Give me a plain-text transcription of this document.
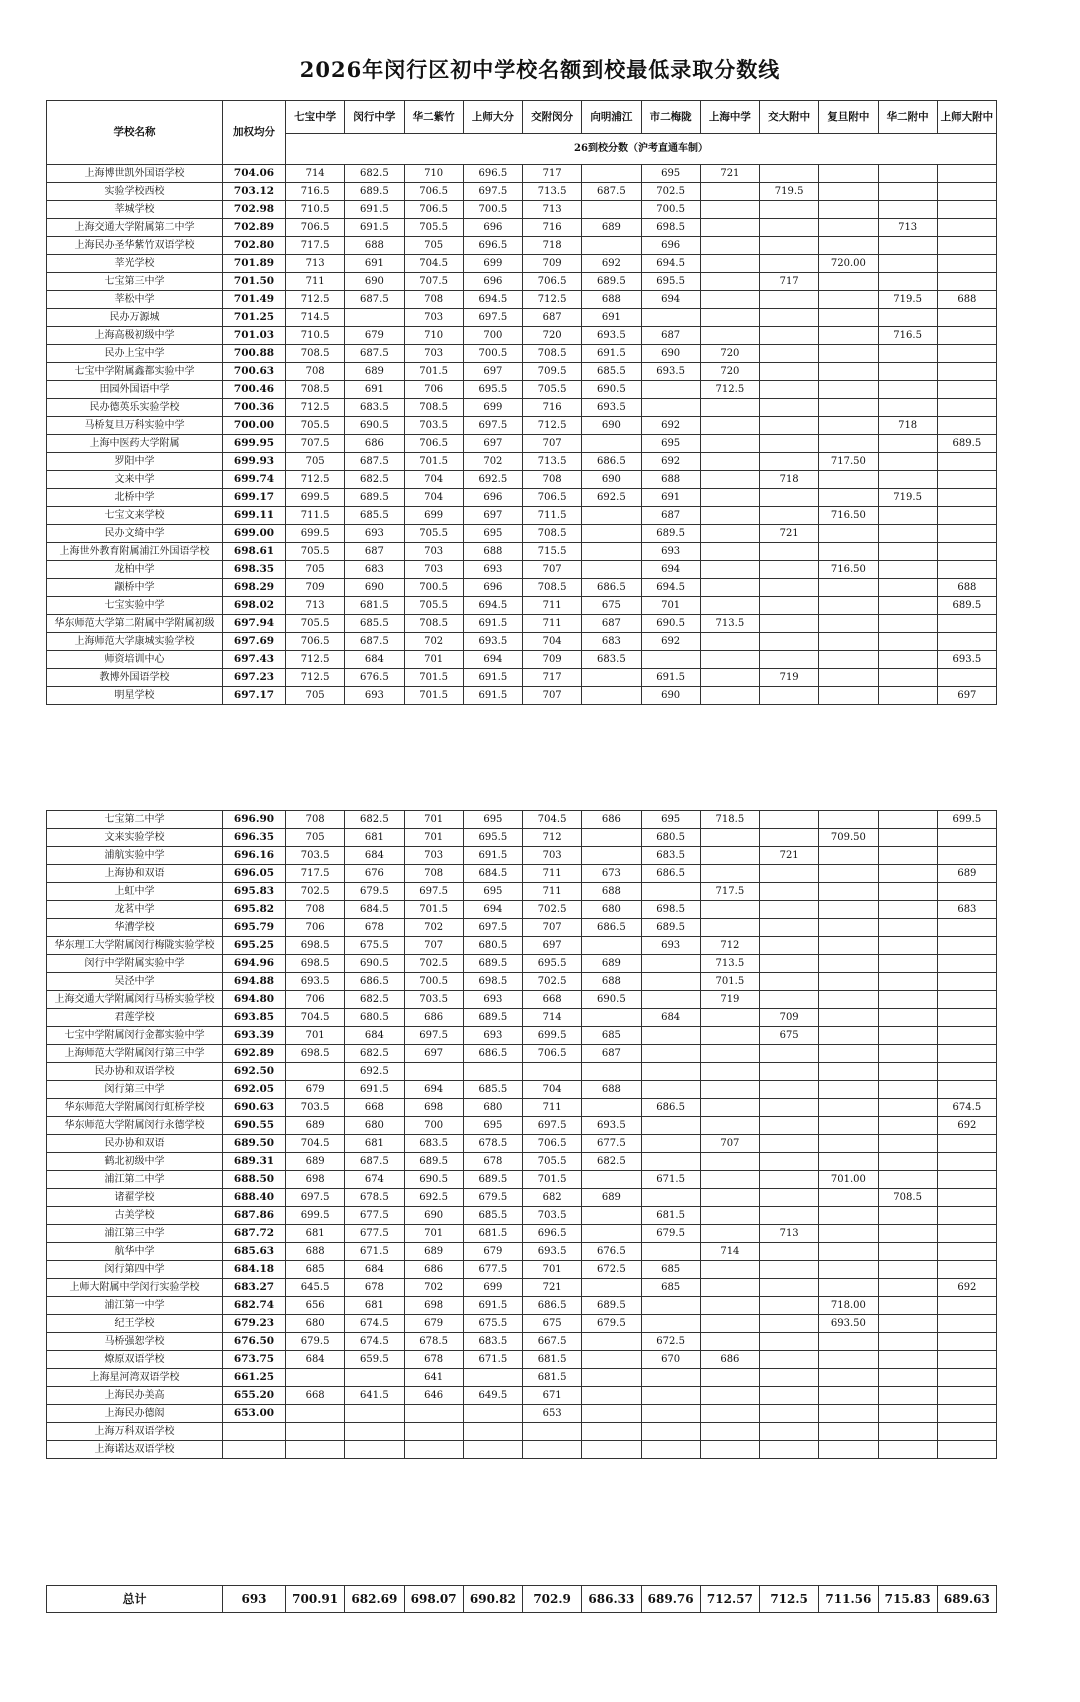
2026年闵行区初中学校名额到校最低录取分数线
学校名称	加权均分	七宝中学	闵行中学	华二紫竹	上师大分	交附闵分	向明浦江	市二梅陇	上海中学	交大附中	复旦附中	华二附中	上师大附中
		26到校分数（沪考直通车制）											
上海博世凯外国语学校	704.06	714	682.5	710	696.5	717		695	721				
实验学校西校	703.12	716.5	689.5	706.5	697.5	713.5	687.5	702.5		719.5			
莘城学校	702.98	710.5	691.5	706.5	700.5	713		700.5					
上海交通大学附属第二中学	702.89	706.5	691.5	705.5	696	716	689	698.5				713	
上海民办圣华紫竹双语学校	702.80	717.5	688	705	696.5	718		696					
莘光学校	701.89	713	691	704.5	699	709	692	694.5			720.00		
七宝第三中学	701.50	711	690	707.5	696	706.5	689.5	695.5		717			
莘松中学	701.49	712.5	687.5	708	694.5	712.5	688	694				719.5	688
民办万源城	701.25	714.5		703	697.5	687	691						
上海高极初级中学	701.03	710.5	679	710	700	720	693.5	687				716.5	
民办上宝中学	700.88	708.5	687.5	703	700.5	708.5	691.5	690	720				
七宝中学附属鑫都实验中学	700.63	708	689	701.5	697	709.5	685.5	693.5	720				
田园外国语中学	700.46	708.5	691	706	695.5	705.5	690.5		712.5				
民办德英乐实验学校	700.36	712.5	683.5	708.5	699	716	693.5						
马桥复旦万科实验中学	700.00	705.5	690.5	703.5	697.5	712.5	690	692				718	
上海中医药大学附属	699.95	707.5	686	706.5	697	707		695					689.5
罗阳中学	699.93	705	687.5	701.5	702	713.5	686.5	692			717.50		
文来中学	699.74	712.5	682.5	704	692.5	708	690	688		718			
北桥中学	699.17	699.5	689.5	704	696	706.5	692.5	691				719.5	
七宝文来学校	699.11	711.5	685.5	699	697	711.5		687			716.50		
民办文绮中学	699.00	699.5	693	705.5	695	708.5		689.5		721			
上海世外教育附属浦江外国语学校	698.61	705.5	687	703	688	715.5		693					
龙柏中学	698.35	705	683	703	693	707		694			716.50		
颛桥中学	698.29	709	690	700.5	696	708.5	686.5	694.5					688
七宝实验中学	698.02	713	681.5	705.5	694.5	711	675	701					689.5
华东师范大学第二附属中学附属初级	697.94	705.5	685.5	708.5	691.5	711	687	690.5	713.5				
上海师范大学康城实验学校	697.69	706.5	687.5	702	693.5	704	683	692					
师资培训中心	697.43	712.5	684	701	694	709	683.5						693.5
教博外国语学校	697.23	712.5	676.5	701.5	691.5	717		691.5		719			
明星学校	697.17	705	693	701.5	691.5	707		690					697
七宝第二中学	696.90	708	682.5	701	695	704.5	686	695	718.5				699.5
文来实验学校	696.35	705	681	701	695.5	712		680.5			709.50		
浦航实验中学	696.16	703.5	684	703	691.5	703		683.5		721			
上海协和双语	696.05	717.5	676	708	684.5	711	673	686.5					689
上虹中学	695.83	702.5	679.5	697.5	695	711	688		717.5				
龙茗中学	695.82	708	684.5	701.5	694	702.5	680	698.5					683
华漕学校	695.79	706	678	702	697.5	707	686.5	689.5					
华东理工大学附属闵行梅陇实验学校	695.25	698.5	675.5	707	680.5	697		693	712				
闵行中学附属实验中学	694.96	698.5	690.5	702.5	689.5	695.5	689		713.5				
吴泾中学	694.88	693.5	686.5	700.5	698.5	702.5	688		701.5				
上海交通大学附属闵行马桥实验学校	694.80	706	682.5	703.5	693	668	690.5		719				
君莲学校	693.85	704.5	680.5	686	689.5	714		684		709			
七宝中学附属闵行金都实验中学	693.39	701	684	697.5	693	699.5	685			675			
上海师范大学附属闵行第三中学	692.89	698.5	682.5	697	686.5	706.5	687						
民办协和双语学校	692.50		692.5										
闵行第三中学	692.05	679	691.5	694	685.5	704	688						
华东师范大学附属闵行虹桥学校	690.63	703.5	668	698	680	711		686.5					674.5
华东师范大学附属闵行永德学校	690.55	689	680	700	695	697.5	693.5						692
民办协和双语	689.50	704.5	681	683.5	678.5	706.5	677.5		707				
鹤北初级中学	689.31	689	687.5	689.5	678	705.5	682.5						
浦江第二中学	688.50	698	674	690.5	689.5	701.5		671.5			701.00		
诸翟学校	688.40	697.5	678.5	692.5	679.5	682	689					708.5	
古美学校	687.86	699.5	677.5	690	685.5	703.5		681.5					
浦江第三中学	687.72	681	677.5	701	681.5	696.5		679.5		713			
航华中学	685.63	688	671.5	689	679	693.5	676.5		714				
闵行第四中学	684.18	685	684	686	677.5	701	672.5	685					
上师大附属中学闵行实验学校	683.27	645.5	678	702	699	721		685					692
浦江第一中学	682.74	656	681	698	691.5	686.5	689.5				718.00		
纪王学校	679.23	680	674.5	679	675.5	675	679.5				693.50		
马桥强恕学校	676.50	679.5	674.5	678.5	683.5	667.5		672.5					
燎原双语学校	673.75	684	659.5	678	671.5	681.5		670	686				
上海星河湾双语学校	661.25			641		681.5							
上海民办美高	655.20	668	641.5	646	649.5	671							
上海民办德闳	653.00					653							
上海万科双语学校													
上海诺达双语学校													
总计	693	700.91	682.69	698.07	690.82	702.9	686.33	689.76	712.57	712.5	711.56	715.83	689.63
